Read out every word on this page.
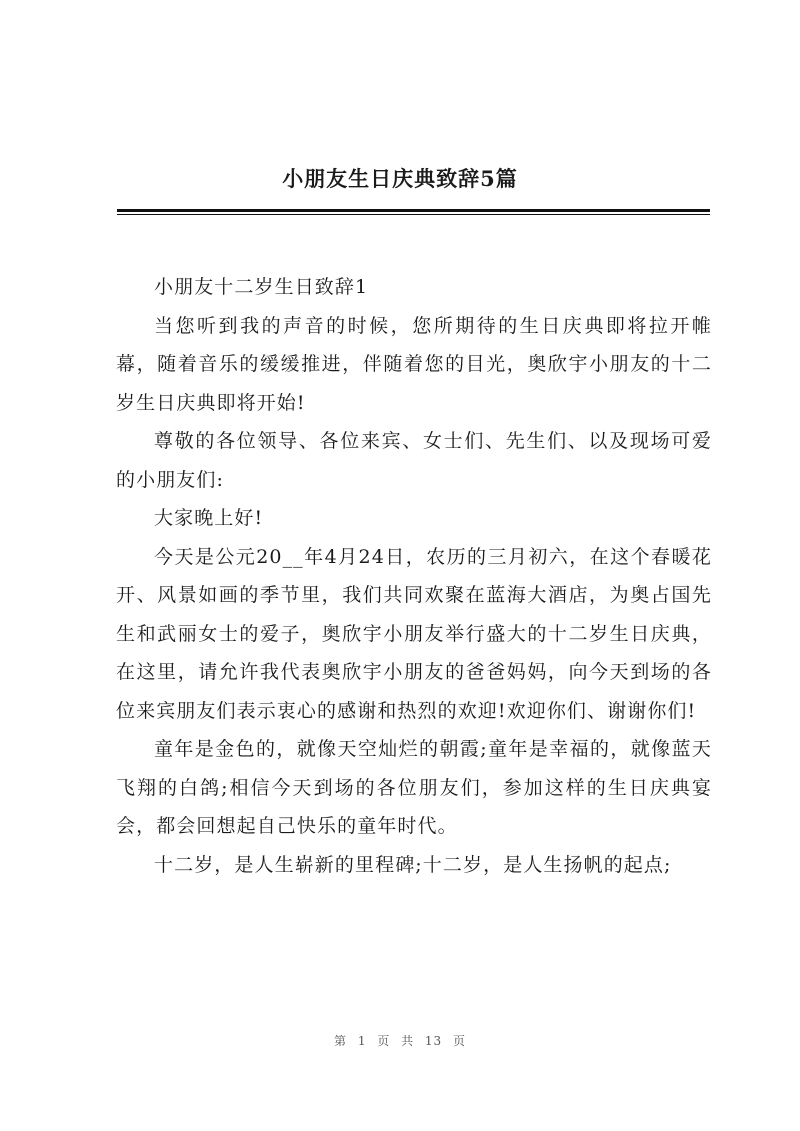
小朋友生日庆典致辞5篇

小朋友十二岁生日致辞1

当您听到我的声音的时候，您所期待的生日庆典即将拉开帷幕，随着音乐的缓缓推进，伴随着您的目光，奥欣宇小朋友的十二岁生日庆典即将开始!

尊敬的各位领导、各位来宾、女士们、先生们、以及现场可爱的小朋友们:

大家晚上好!

今天是公元20__年4月24日，农历的三月初六，在这个春暖花开、风景如画的季节里，我们共同欢聚在蓝海大酒店，为奥占国先生和武丽女士的爱子，奥欣宇小朋友举行盛大的十二岁生日庆典，在这里，请允许我代表奥欣宇小朋友的爸爸妈妈，向今天到场的各位来宾朋友们表示衷心的感谢和热烈的欢迎!欢迎你们、谢谢你们!

童年是金色的，就像天空灿烂的朝霞;童年是幸福的，就像蓝天飞翔的白鸽;相信今天到场的各位朋友们，参加这样的生日庆典宴会，都会回想起自己快乐的童年时代。

十二岁，是人生崭新的里程碑;十二岁，是人生扬帆的起点;

第 1 页 共 13 页
